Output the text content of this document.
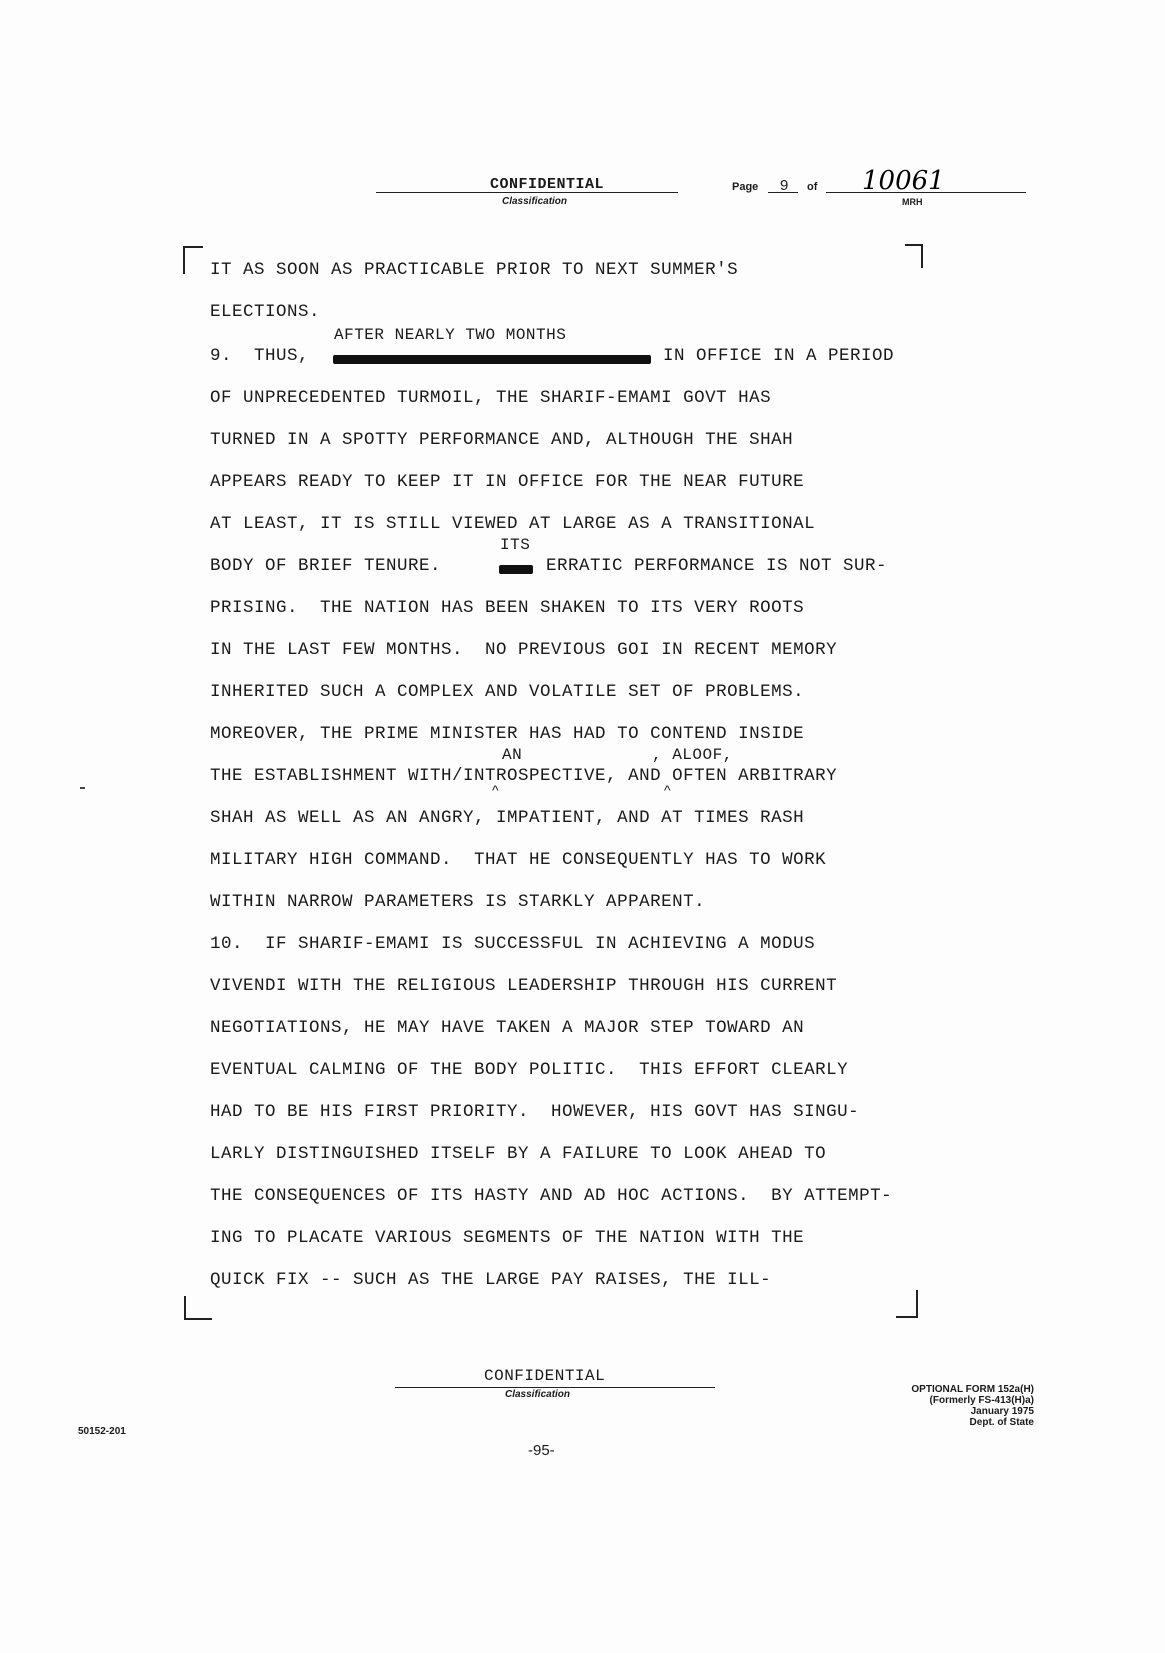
CONFIDENTIAL
Classification
Page 9 of 10061
MRH
IT AS SOON AS PRACTICABLE PRIOR TO NEXT SUMMER'S
ELECTIONS.
AFTER NEARLY TWO MONTHS
9.  THUS,	IN OFFICE IN A PERIOD
OF UNPRECEDENTED TURMOIL, THE SHARIF-EMAMI GOVT HAS
TURNED IN A SPOTTY PERFORMANCE AND, ALTHOUGH THE SHAH
APPEARS READY TO KEEP IT IN OFFICE FOR THE NEAR FUTURE
AT LEAST, IT IS STILL VIEWED AT LARGE AS A TRANSITIONAL
ITS
BODY OF BRIEF TENURE.	ERRATIC PERFORMANCE IS NOT SUR-
PRISING.  THE NATION HAS BEEN SHAKEN TO ITS VERY ROOTS
IN THE LAST FEW MONTHS.  NO PREVIOUS GOI IN RECENT MEMORY
INHERITED SUCH A COMPLEX AND VOLATILE SET OF PROBLEMS.
MOREOVER, THE PRIME MINISTER HAS HAD TO CONTEND INSIDE
AN	, ALOOF,
THE ESTABLISHMENT WITH/INTROSPECTIVE, AND OFTEN ARBITRARY
^	^
SHAH AS WELL AS AN ANGRY, IMPATIENT, AND AT TIMES RASH
MILITARY HIGH COMMAND.  THAT HE CONSEQUENTLY HAS TO WORK
WITHIN NARROW PARAMETERS IS STARKLY APPARENT.
10.  IF SHARIF-EMAMI IS SUCCESSFUL IN ACHIEVING A MODUS
VIVENDI WITH THE RELIGIOUS LEADERSHIP THROUGH HIS CURRENT
NEGOTIATIONS, HE MAY HAVE TAKEN A MAJOR STEP TOWARD AN
EVENTUAL CALMING OF THE BODY POLITIC.  THIS EFFORT CLEARLY
HAD TO BE HIS FIRST PRIORITY.  HOWEVER, HIS GOVT HAS SINGU-
LARLY DISTINGUISHED ITSELF BY A FAILURE TO LOOK AHEAD TO
THE CONSEQUENCES OF ITS HASTY AND AD HOC ACTIONS.  BY ATTEMPT-
ING TO PLACATE VARIOUS SEGMENTS OF THE NATION WITH THE
QUICK FIX -- SUCH AS THE LARGE PAY RAISES, THE ILL-
CONFIDENTIAL
Classification	OPTIONAL FORM 152a(H)
(Formerly FS-413(H)a)
January 1975
Dept. of State
50152-201
-95-
